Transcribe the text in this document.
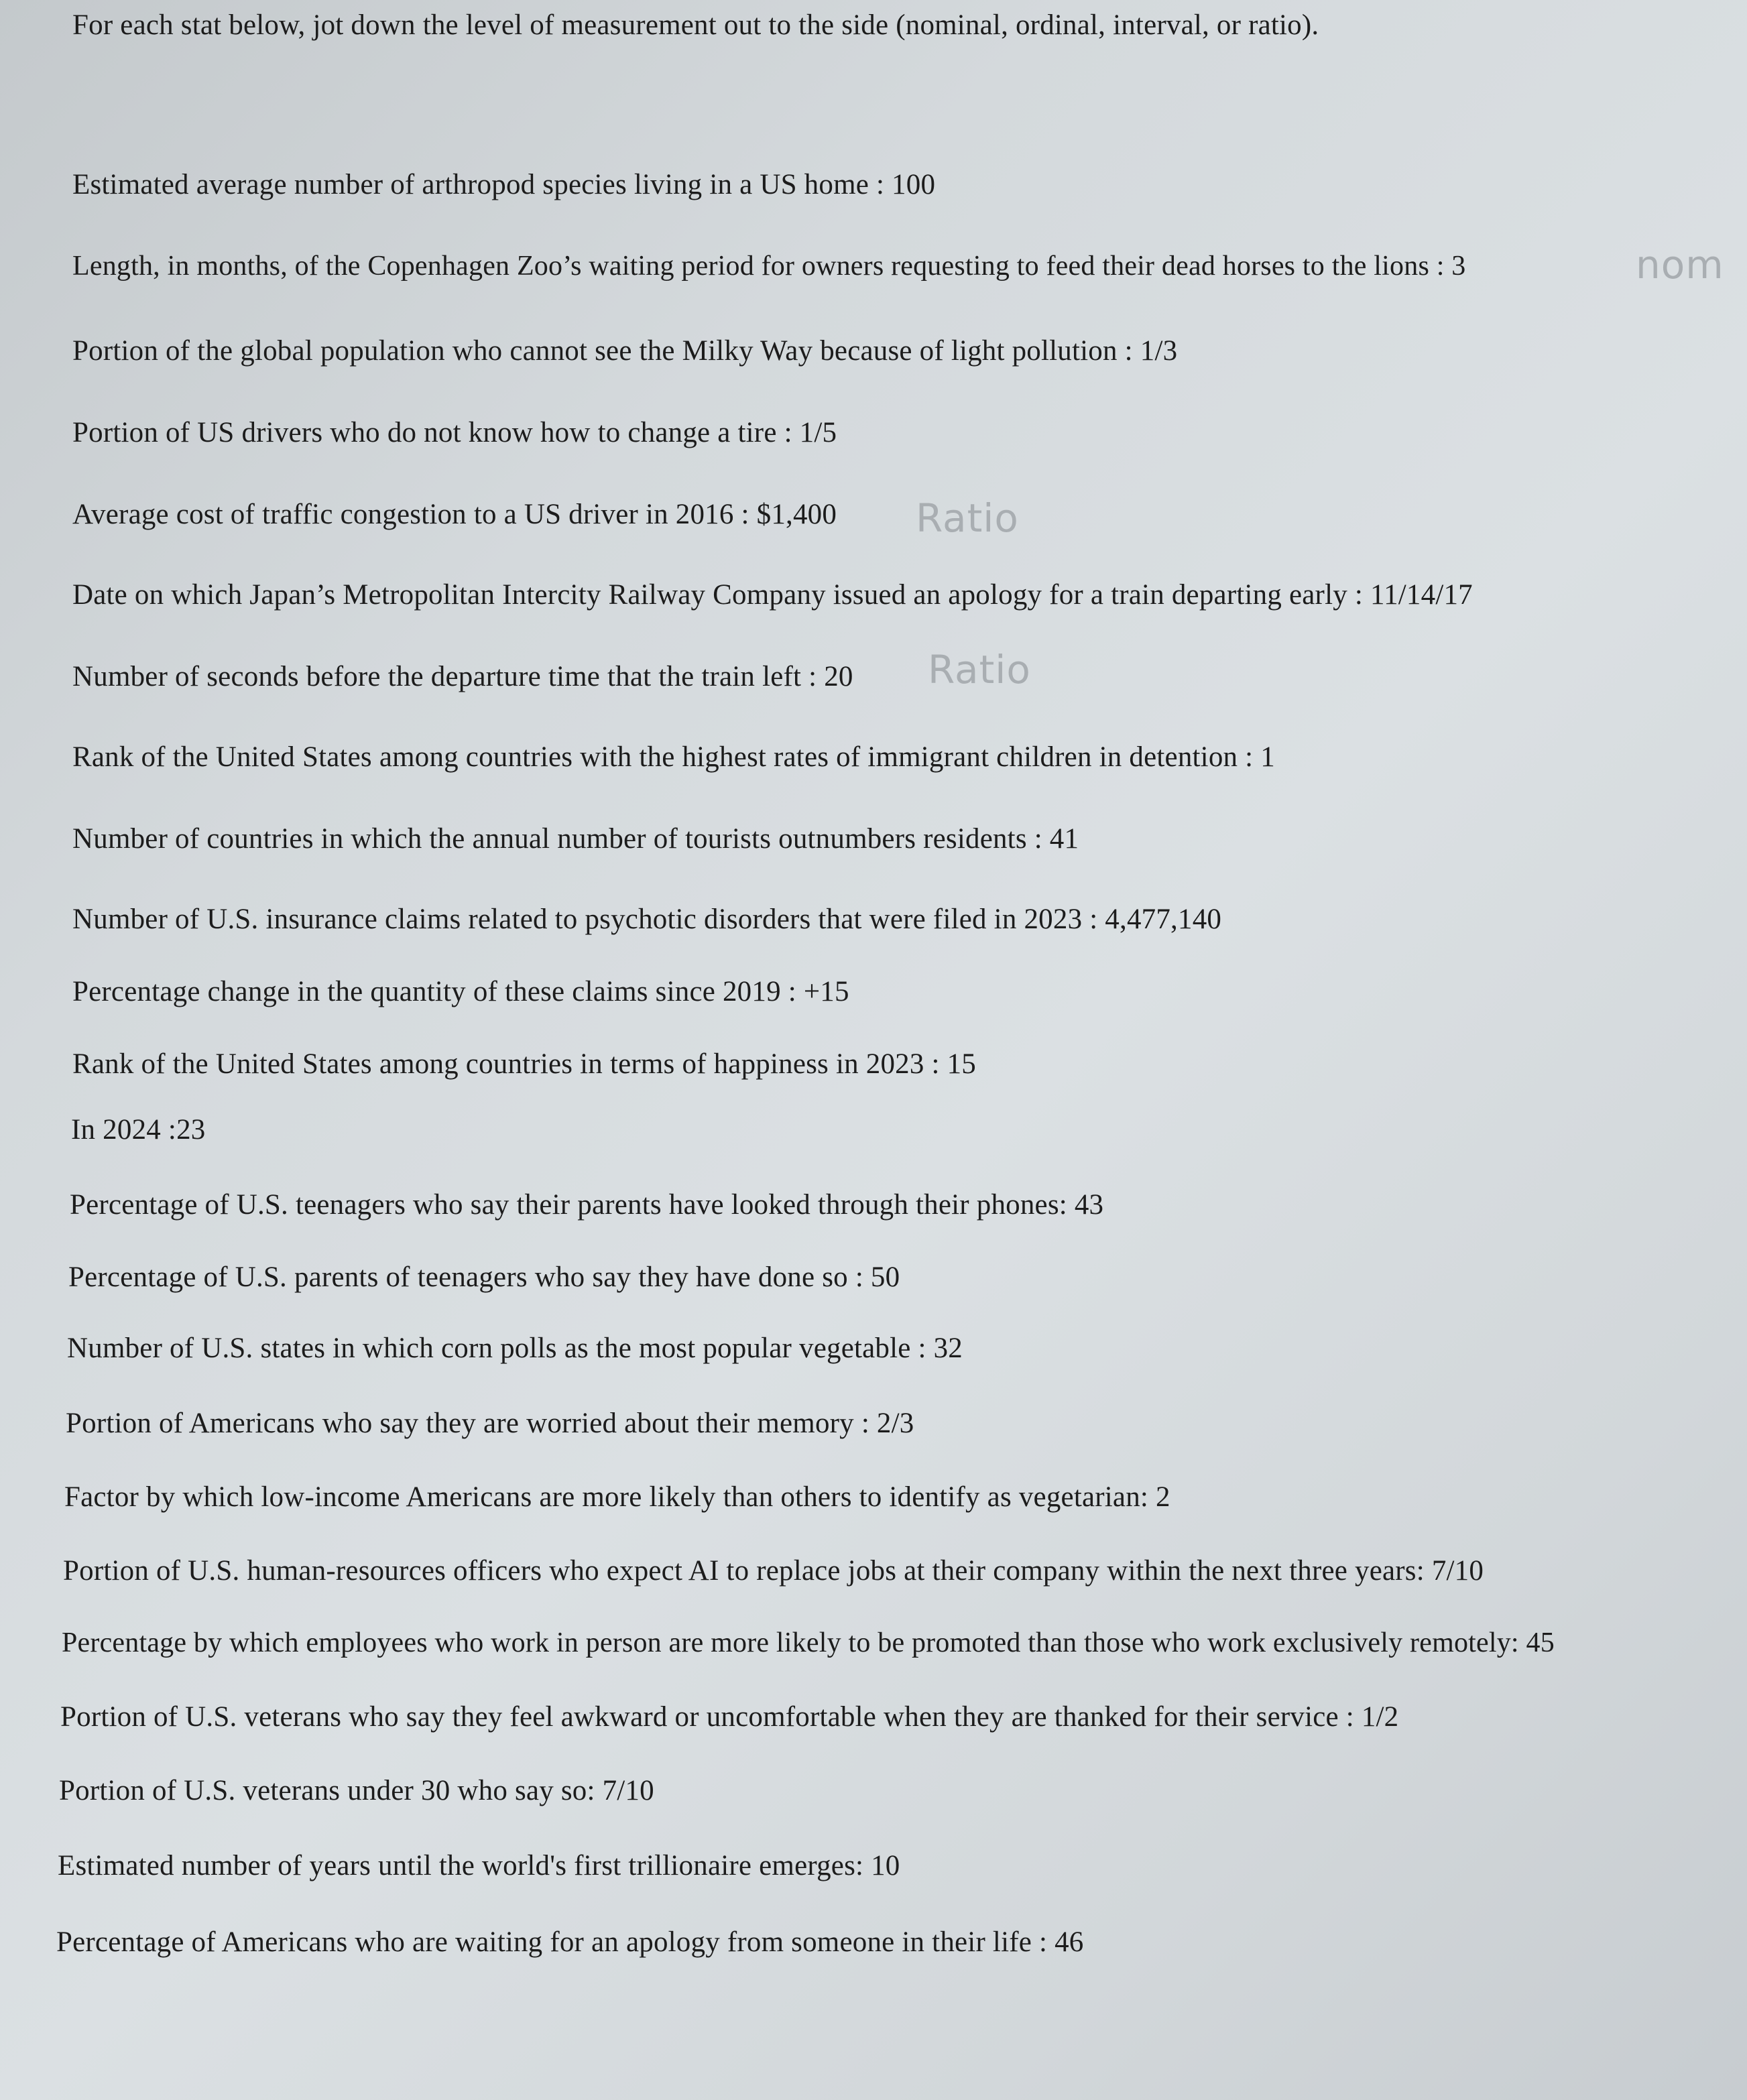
For each stat below, jot down the level of measurement out to the side (nominal, ordinal, interval, or ratio).
Estimated average number of arthropod species living in a US home : 100
Length, in months, of the Copenhagen Zoo’s waiting period for owners requesting to feed their dead horses to the lions : 3	nom
Portion of the global population who cannot see the Milky Way because of light pollution : 1/3
Portion of US drivers who do not know how to change a tire : 1/5
Average cost of traffic congestion to a US driver in 2016 : $1,400 Ratio
Date on which Japan’s Metropolitan Intercity Railway Company issued an apology for a train departing early : 11/14/17
Number of seconds before the departure time that the train left : 20 Ratio
Rank of the United States among countries with the highest rates of immigrant children in detention : 1
Number of countries in which the annual number of tourists outnumbers residents : 41
Number of U.S. insurance claims related to psychotic disorders that were filed in 2023 : 4,477,140
Percentage change in the quantity of these claims since 2019 : +15
Rank of the United States among countries in terms of happiness in 2023 : 15
In 2024 :23
Percentage of U.S. teenagers who say their parents have looked through their phones: 43
Percentage of U.S. parents of teenagers who say they have done so : 50
Number of U.S. states in which corn polls as the most popular vegetable : 32
Portion of Americans who say they are worried about their memory : 2/3
Factor by which low-income Americans are more likely than others to identify as vegetarian: 2
Portion of U.S. human-resources officers who expect AI to replace jobs at their company within the next three years: 7/10
Percentage by which employees who work in person are more likely to be promoted than those who work exclusively remotely: 45
Portion of U.S. veterans who say they feel awkward or uncomfortable when they are thanked for their service : 1/2
Portion of U.S. veterans under 30 who say so: 7/10
Estimated number of years until the world's first trillionaire emerges: 10
Percentage of Americans who are waiting for an apology from someone in their life : 46
